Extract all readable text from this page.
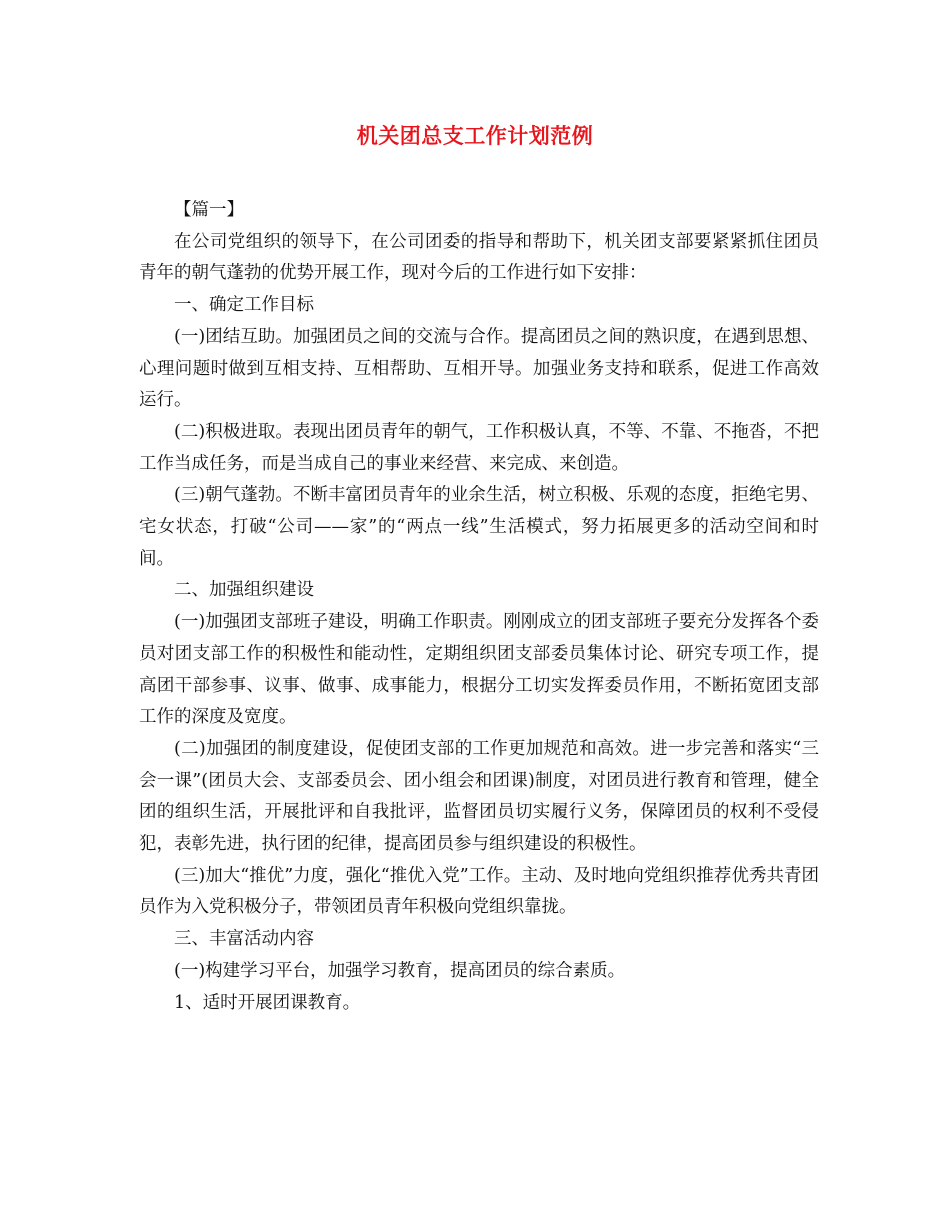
机关团总支工作计划范例

【篇一】

在公司党组织的领导下，在公司团委的指导和帮助下，机关团支部要紧紧抓住团员青年的朝气蓬勃的优势开展工作，现对今后的工作进行如下安排：

一、确定工作目标

(一)团结互助。加强团员之间的交流与合作。提高团员之间的熟识度，在遇到思想、心理问题时做到互相支持、互相帮助、互相开导。加强业务支持和联系，促进工作高效运行。

(二)积极进取。表现出团员青年的朝气，工作积极认真，不等、不靠、不拖沓，不把工作当成任务，而是当成自己的事业来经营、来完成、来创造。

(三)朝气蓬勃。不断丰富团员青年的业余生活，树立积极、乐观的态度，拒绝宅男、宅女状态，打破“公司——家”的“两点一线”生活模式，努力拓展更多的活动空间和时间。

二、加强组织建设

(一)加强团支部班子建设，明确工作职责。刚刚成立的团支部班子要充分发挥各个委员对团支部工作的积极性和能动性，定期组织团支部委员集体讨论、研究专项工作，提高团干部参事、议事、做事、成事能力，根据分工切实发挥委员作用，不断拓宽团支部工作的深度及宽度。

(二)加强团的制度建设，促使团支部的工作更加规范和高效。进一步完善和落实“三会一课”(团员大会、支部委员会、团小组会和团课)制度，对团员进行教育和管理，健全团的组织生活，开展批评和自我批评，监督团员切实履行义务，保障团员的权利不受侵犯，表彰先进，执行团的纪律，提高团员参与组织建设的积极性。

(三)加大“推优”力度，强化“推优入党”工作。主动、及时地向党组织推荐优秀共青团员作为入党积极分子，带领团员青年积极向党组织靠拢。

三、丰富活动内容

(一)构建学习平台，加强学习教育，提高团员的综合素质。

1、适时开展团课教育。
